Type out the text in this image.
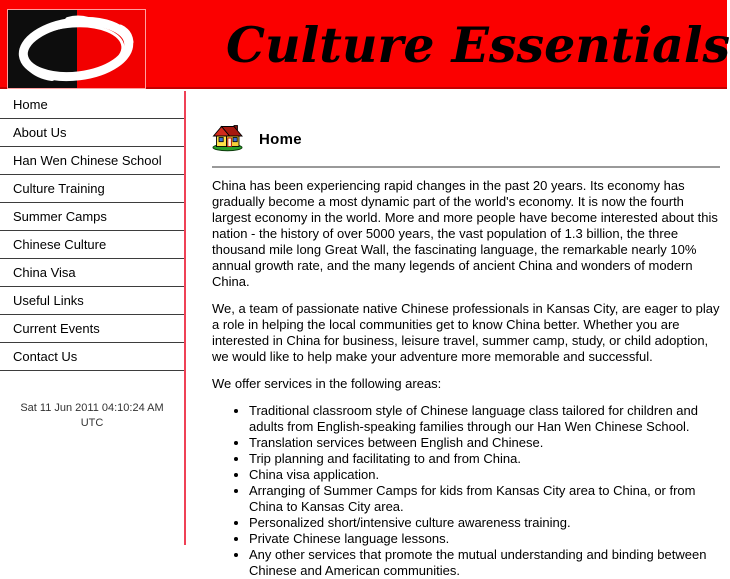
Culture Essentials
Home
About Us
Han Wen Chinese School
Culture Training
Summer Camps
Chinese Culture
China Visa
Useful Links
Current Events
Contact Us
Sat 11 Jun 2011 04:10:24 AM
UTC
Home

China has been experiencing rapid changes in the past 20 years. Its economy has gradually become a most dynamic part of the world's economy. It is now the fourth largest economy in the world. More and more people have become interested about this nation - the history of over 5000 years, the vast population of 1.3 billion, the three thousand mile long Great Wall, the fascinating language, the remarkable nearly 10% annual growth rate, and the many legends of ancient China and wonders of modern China.

We, a team of passionate native Chinese professionals in Kansas City, are eager to play a role in helping the local communities get to know China better. Whether you are interested in China for business, leisure travel, summer camp, study, or child adoption, we would like to help make your adventure more memorable and successful.

We offer services in the following areas:

• Traditional classroom style of Chinese language class tailored for children and adults from English-speaking families through our Han Wen Chinese School.
• Translation services between English and Chinese.
• Trip planning and facilitating to and from China.
• China visa application.
• Arranging of Summer Camps for kids from Kansas City area to China, or from China to Kansas City area.
• Personalized short/intensive culture awareness training.
• Private Chinese language lessons.
• Any other services that promote the mutual understanding and binding between Chinese and American communities.
